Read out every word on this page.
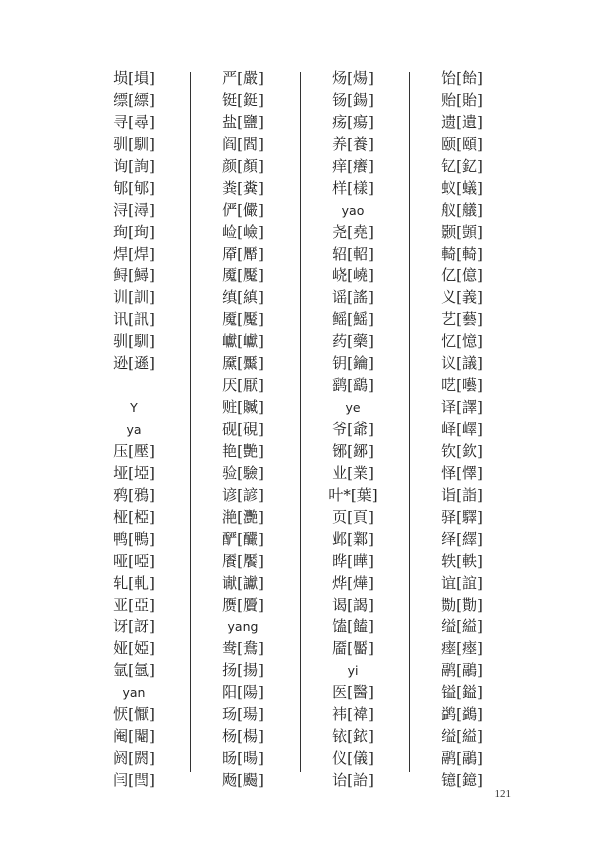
埙[塤]
缥[縹]
寻[尋]
驯[馴]
询[詢]
郇[郇]
浔[潯]
珣[珣]
焊[焊]
鲟[鱘]
训[訓]
讯[訊]
驯[馴]
逊[遜]
Y
ya
压[壓]
垭[埡]
鸦[鴉]
桠[椏]
鸭[鴨]
哑[啞]
轧[軋]
亚[亞]
讶[訝]
娅[婭]
氩[氬]
yan
恹[懨]
阉[閹]
阏[閼]
闫[閆]
严[嚴]
铤[鋌]
盐[鹽]
阎[閻]
颜[顏]
粪[糞]
俨[儼]
崄[嶮]
厣[厴]
魇[魘]
缜[縝]
魇[魘]
巘[巘]
黡[黶]
厌[厭]
赃[贓]
砚[硯]
艳[艷]
验[驗]
谚[諺]
滟[灧]
酽[釅]
餍[饜]
谳[讞]
赝[贗]
yang
鸯[鴦]
扬[揚]
阳[陽]
玚[瑒]
杨[楊]
旸[暘]
飏[颺]
炀[煬]
钖[鍚]
疡[瘍]
养[養]
痒[癢]
样[樣]
yao
尧[堯]
轺[軺]
峣[嶢]
谣[謠]
鳐[鰩]
药[藥]
钥[鑰]
鹞[鷂]
ye
爷[爺]
铘[鋣]
业[業]
叶*[葉]
页[頁]
邺[鄴]
晔[曄]
烨[燁]
谒[謁]
馌[饁]
靥[靨]
yi
医[醫]
袆[褘]
铱[銥]
仪[儀]
诒[詒]
饴[飴]
贻[貽]
遗[遺]
颐[頤]
钇[釔]
蚁[蟻]
舣[艤]
颢[顗]
輢[輢]
亿[億]
义[義]
艺[藝]
忆[憶]
议[議]
呓[囈]
译[譯]
峄[嶧]
钦[欽]
怿[懌]
诣[詣]
驿[驛]
绎[繹]
轶[軼]
谊[誼]
勚[勩]
缢[縊]
瘗[瘞]
鹝[鷊]
镒[鎰]
鹢[鷁]
缢[縊]
鹝[鷊]
镱[鐿]
121
